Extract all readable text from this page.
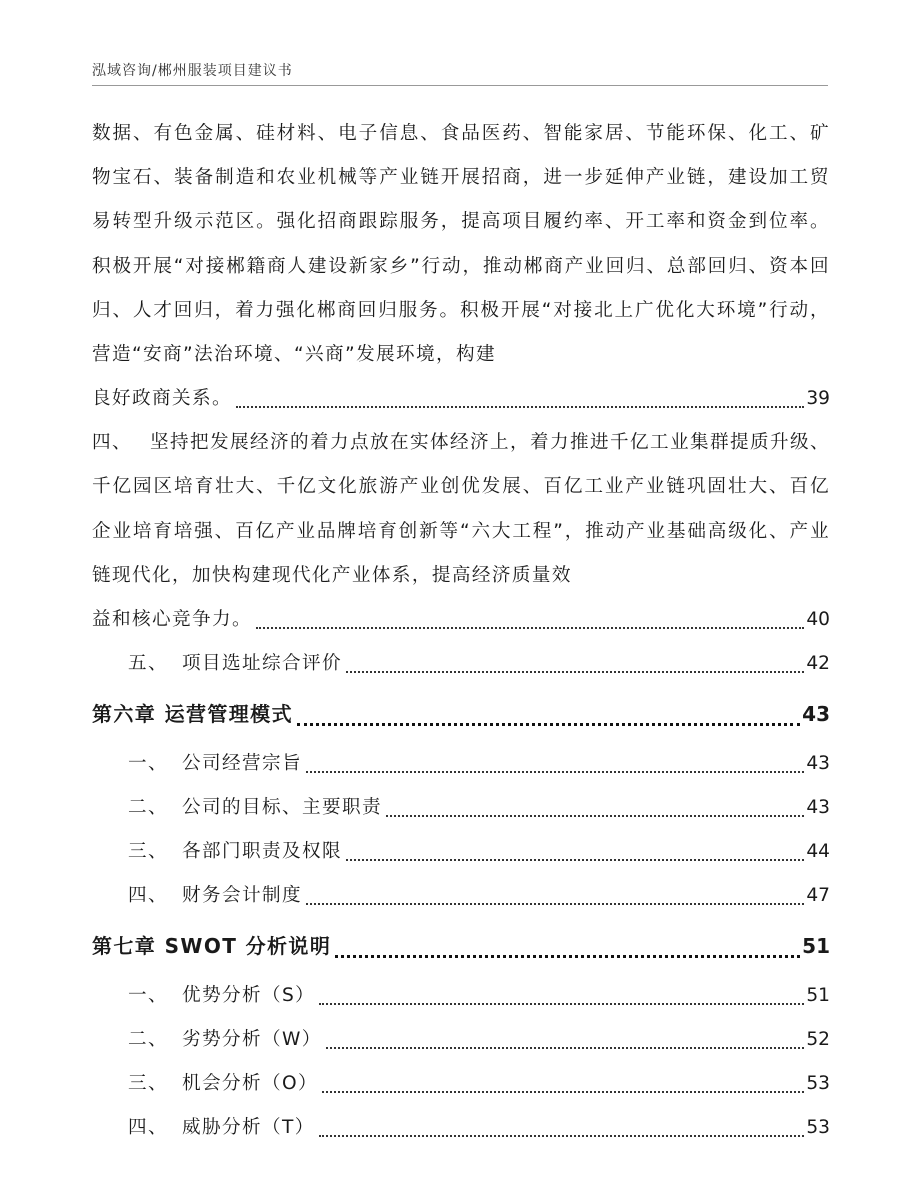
泓域咨询/郴州服装项目建议书

数据、有色金属、硅材料、电子信息、食品医药、智能家居、节能环保、化工、矿物宝石、装备制造和农业机械等产业链开展招商，进一步延伸产业链，建设加工贸易转型升级示范区。强化招商跟踪服务，提高项目履约率、开工率和资金到位率。积极开展“对接郴籍商人建设新家乡”行动，推动郴商产业回归、总部回归、资本回归、人才回归，着力强化郴商回归服务。积极开展“对接北上广优化大环境”行动，营造“安商”法治环境、“兴商”发展环境，构建

良好政商关系。	39

四、 坚持把发展经济的着力点放在实体经济上，着力推进千亿工业集群提质升级、千亿园区培育壮大、千亿文化旅游产业创优发展、百亿工业产业链巩固壮大、百亿企业培育培强、百亿产业品牌培育创新等“六大工程”，推动产业基础高级化、产业链现代化，加快构建现代化产业体系，提高经济质量效

益和核心竞争力。	40
五、 项目选址综合评价	42
第六章 运营管理模式	43
一、 公司经营宗旨	43
二、 公司的目标、主要职责	43
三、 各部门职责及权限	44
四、 财务会计制度	47
第七章 SWOT 分析说明	51
一、 优势分析（S）	51
二、 劣势分析（W）	52
三、 机会分析（O）	53
四、 威胁分析（T）	53
